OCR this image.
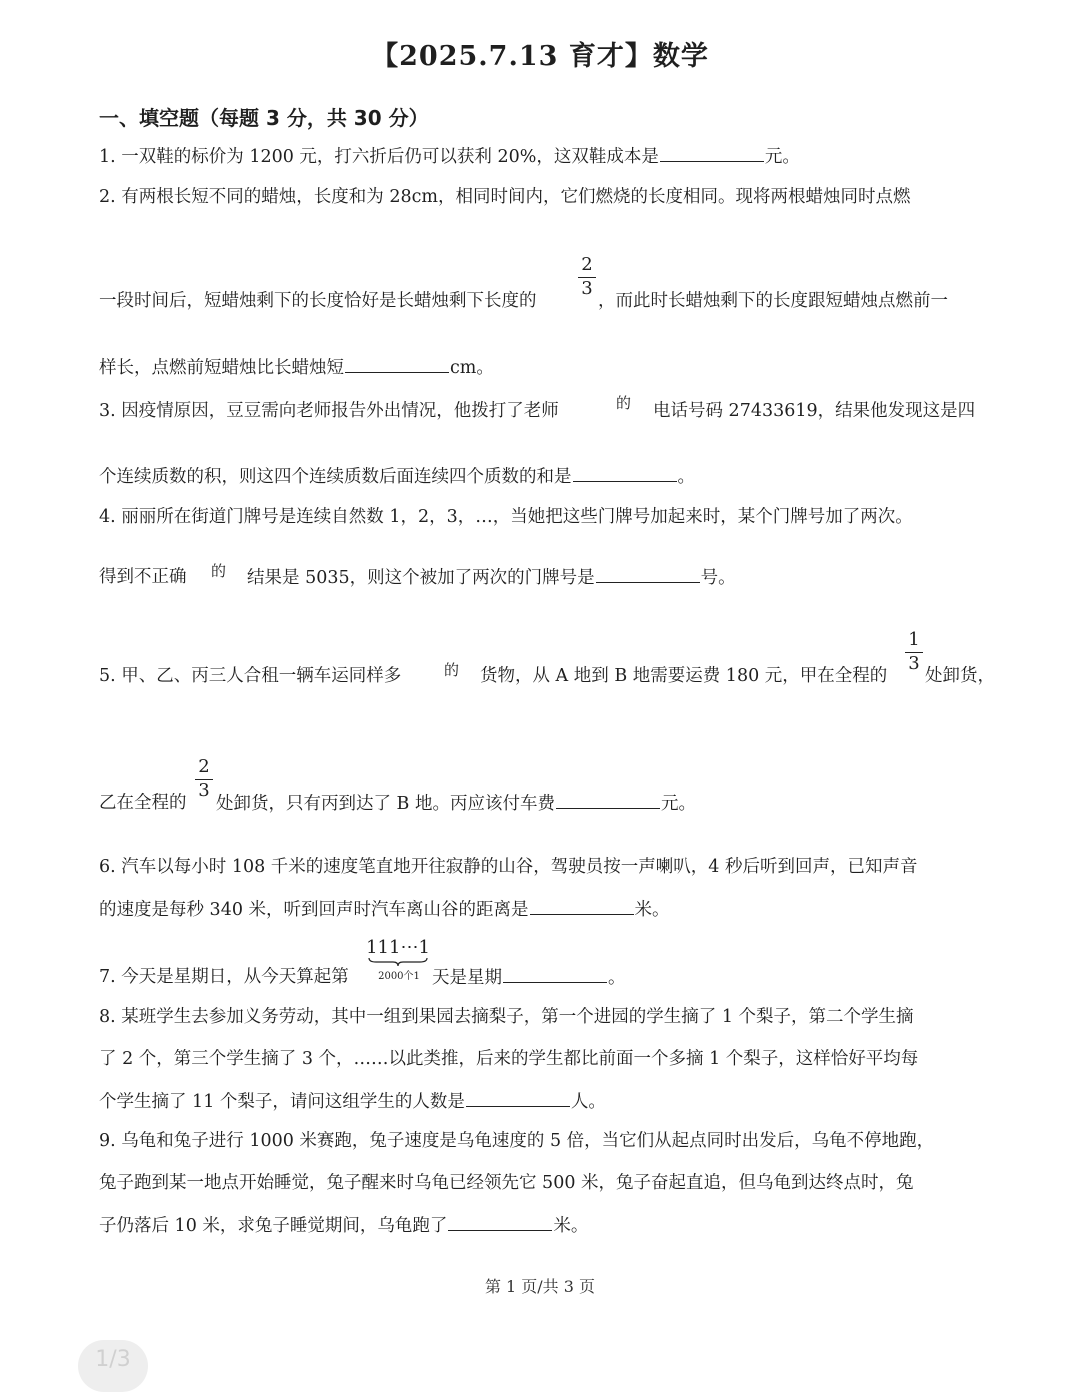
【2025.7.13 育才】数学
一、填空题（每题 3 分，共 30 分）
1. 一双鞋的标价为 1200 元，打六折后仍可以获利 20%，这双鞋成本是	元。
2. 有两根长短不同的蜡烛，长度和为 28cm，相同时间内，它们燃烧的长度相同。现将两根蜡烛同时点燃
一段时间后，短蜡烛剩下的长度恰好是长蜡烛剩下长度的
2
3
，而此时长蜡烛剩下的长度跟短蜡烛点燃前一
样长，点燃前短蜡烛比长蜡烛短	cm。
3. 因疫情原因，豆豆需向老师报告外出情况，他拨打了老师	的 电话号码 27433619，结果他发现这是四
个连续质数的积，则这四个连续质数后面连续四个质数的和是	。
4. 丽丽所在街道门牌号是连续自然数 1，2，3，…，当她把这些门牌号加起来时，某个门牌号加了两次。
得到不正确 的 结果是 5035，则这个被加了两次的门牌号是	号。
5. 甲、乙、丙三人合租一辆车运同样多	的 货物，从 A 地到 B 地需要运费 180 元，甲在全程的
1
3
处卸货，
乙在全程的
2
3
处卸货，只有丙到达了 B 地。丙应该付车费	元。
6. 汽车以每小时 108 千米的速度笔直地开往寂静的山谷，驾驶员按一声喇叭，4 秒后听到回声，已知声音
的速度是每秒 340 米，听到回声时汽车离山谷的距离是	米。
7. 今天是星期日，从今天算起第
111⋯1
2000个1 天是星期	。
8. 某班学生去参加义务劳动，其中一组到果园去摘梨子，第一个进园的学生摘了 1 个梨子，第二个学生摘
了 2 个，第三个学生摘了 3 个，……以此类推，后来的学生都比前面一个多摘 1 个梨子，这样恰好平均每
个学生摘了 11 个梨子，请问这组学生的人数是	人。
9. 乌龟和兔子进行 1000 米赛跑，兔子速度是乌龟速度的 5 倍，当它们从起点同时出发后，乌龟不停地跑，
兔子跑到某一地点开始睡觉，兔子醒来时乌龟已经领先它 500 米，兔子奋起直追，但乌龟到达终点时，兔
子仍落后 10 米，求兔子睡觉期间，乌龟跑了	米。
第 1 页/共 3 页
1/3
